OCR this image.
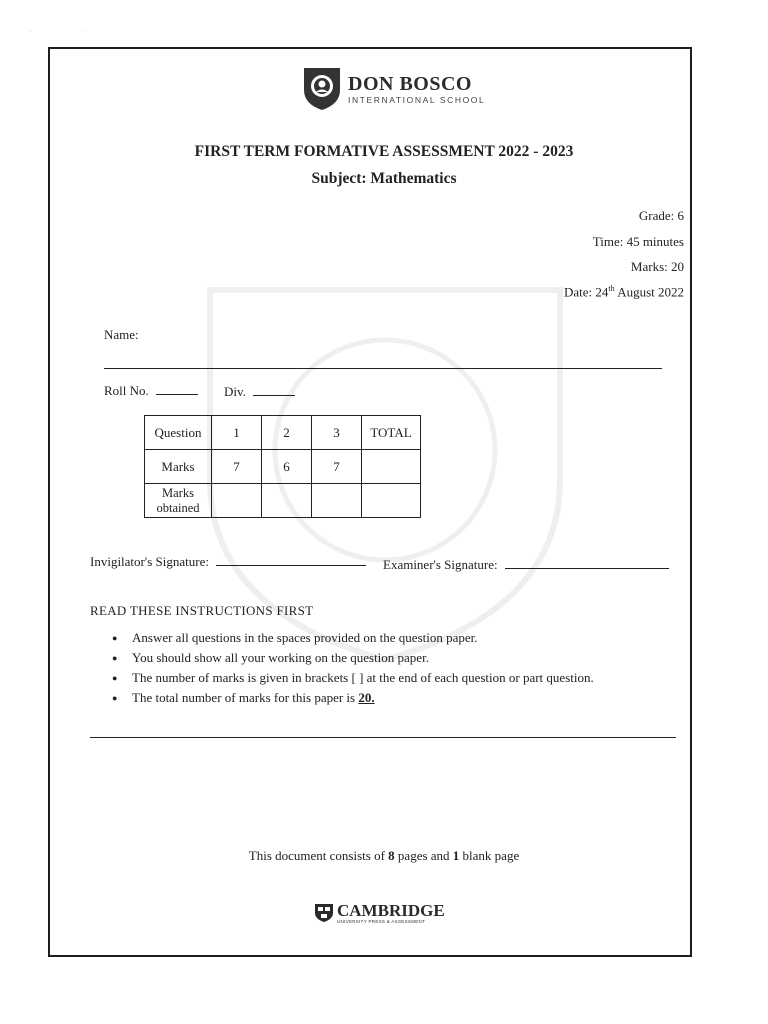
. .
DON BOSCO
INTERNATIONAL SCHOOL
FIRST TERM FORMATIVE ASSESSMENT 2022 - 2023
Subject: Mathematics
Grade: 6
Time: 45 minutes
Marks: 20
Date: 24th August 2022
Name:
Roll No.	Div.
Question	1	2	3	TOTAL
Marks	7	6	7	
Marks
obtained				
Invigilator's Signature:	Examiner's Signature:
READ THESE INSTRUCTIONS FIRST
● Answer all questions in the spaces provided on the question paper.
● You should show all your working on the question paper.
● The number of marks is given in brackets [ ] at the end of each question or part question.
● The total number of marks for this paper is 20.
This document consists of 8 pages and 1 blank page
CAMBRIDGE
UNIVERSITY PRESS & ASSESSMENT
